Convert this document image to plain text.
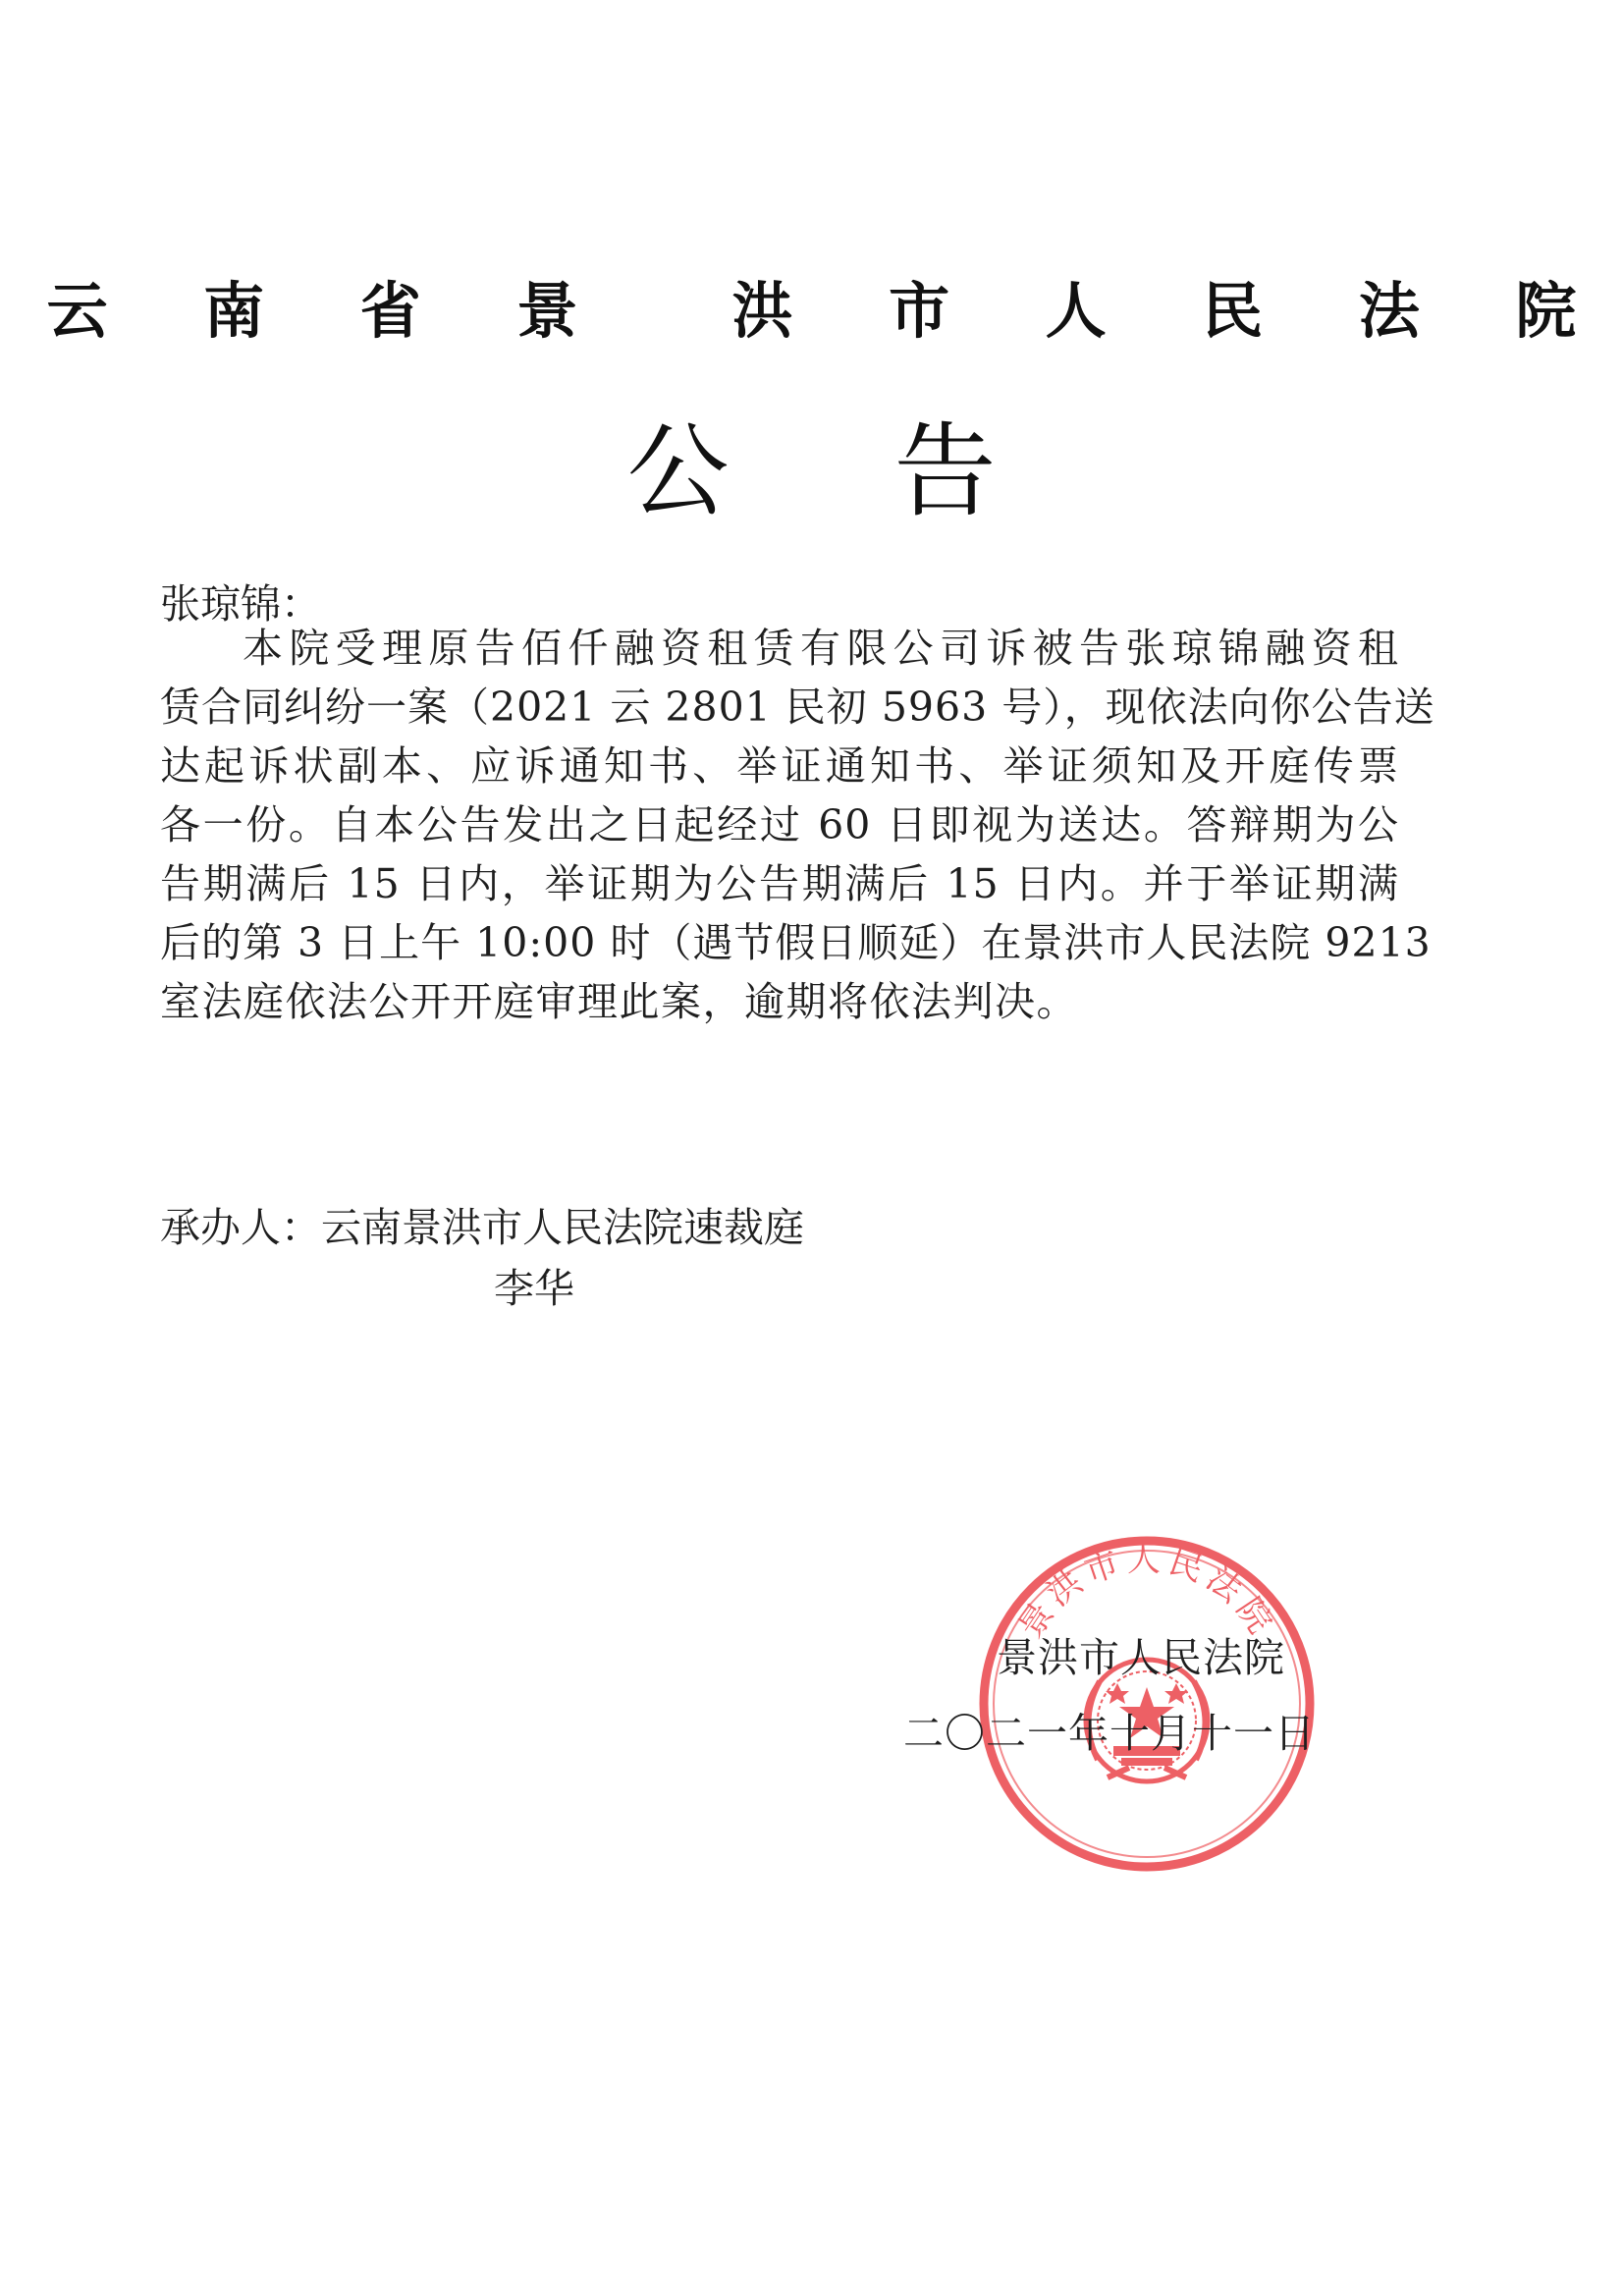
云 南 省 景  洪 市 人 民 法 院
公告
张琼锦：
本院受理原告佰仟融资租赁有限公司诉被告张琼锦融资租
赁合同纠纷一案（2021 云 2801 民初 5963 号），现依法向你公告送
达起诉状副本、应诉通知书、举证通知书、举证须知及开庭传票
各一份。自本公告发出之日起经过 60 日即视为送达。答辩期为公
告期满后 15 日内，举证期为公告期满后 15 日内。并于举证期满
后的第 3 日上午 10:00 时（遇节假日顺延）在景洪市人民法院 9213
室法庭依法公开开庭审理此案，逾期将依法判决。
承办人：云南景洪市人民法院速裁庭
李华
景洪市人民法院
景洪市人民法院
二〇二一年十月十一日
